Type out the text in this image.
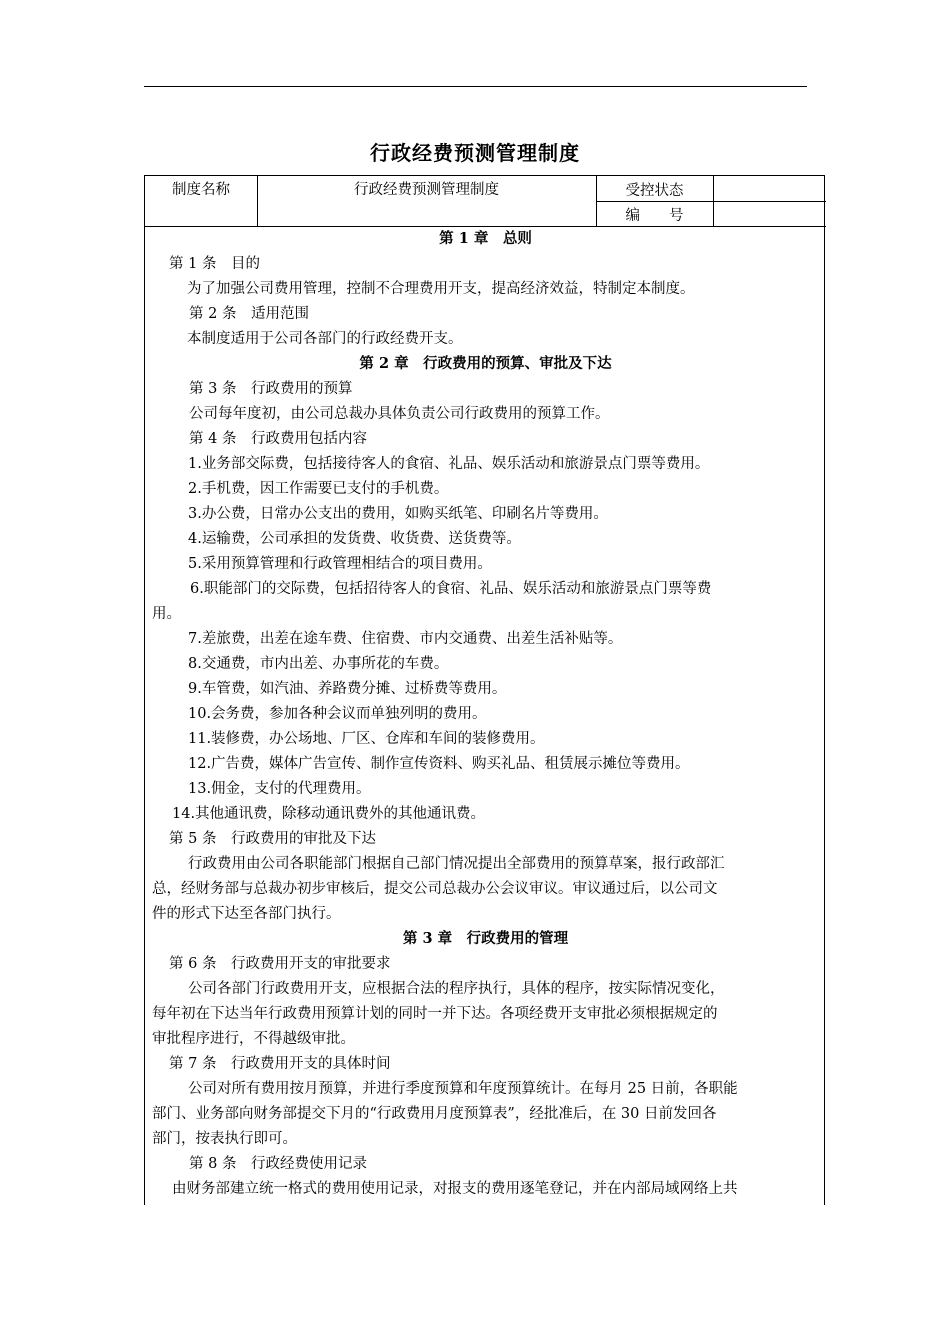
行政经费预测管理制度
制度名称	行政经费预测管理制度	受控状态
编　　号
第 1 章　总则
第 1 条　目的
为了加强公司费用管理，控制不合理费用开支，提高经济效益，特制定本制度。
第 2 条　适用范围
本制度适用于公司各部门的行政经费开支。
第 2 章　行政费用的预算、审批及下达
第 3 条　行政费用的预算
公司每年度初，由公司总裁办具体负责公司行政费用的预算工作。
第 4 条　行政费用包括内容
1.业务部交际费，包括接待客人的食宿、礼品、娱乐活动和旅游景点门票等费用。
2.手机费，因工作需要已支付的手机费。
3.办公费，日常办公支出的费用，如购买纸笔、印刷名片等费用。
4.运输费，公司承担的发货费、收货费、送货费等。
5.采用预算管理和行政管理相结合的项目费用。
6.职能部门的交际费，包括招待客人的食宿、礼品、娱乐活动和旅游景点门票等费
用。
7.差旅费，出差在途车费、住宿费、市内交通费、出差生活补贴等。
8.交通费，市内出差、办事所花的车费。
9.车管费，如汽油、养路费分摊、过桥费等费用。
10.会务费，参加各种会议而单独列明的费用。
11.装修费，办公场地、厂区、仓库和车间的装修费用。
12.广告费，媒体广告宣传、制作宣传资料、购买礼品、租赁展示摊位等费用。
13.佣金，支付的代理费用。
14.其他通讯费，除移动通讯费外的其他通讯费。
第 5 条　行政费用的审批及下达
行政费用由公司各职能部门根据自己部门情况提出全部费用的预算草案，报行政部汇
总，经财务部与总裁办初步审核后，提交公司总裁办公会议审议。审议通过后，以公司文
件的形式下达至各部门执行。
第 3 章　行政费用的管理
第 6 条　行政费用开支的审批要求
公司各部门行政费用开支，应根据合法的程序执行，具体的程序，按实际情况变化，
每年初在下达当年行政费用预算计划的同时一并下达。各项经费开支审批必须根据规定的
审批程序进行，不得越级审批。
第 7 条　行政费用开支的具体时间
公司对所有费用按月预算，并进行季度预算和年度预算统计。在每月 25 日前，各职能
部门、业务部向财务部提交下月的“行政费用月度预算表”，经批准后，在 30 日前发回各
部门，按表执行即可。
第 8 条　行政经费使用记录
由财务部建立统一格式的费用使用记录，对报支的费用逐笔登记，并在内部局域网络上共
